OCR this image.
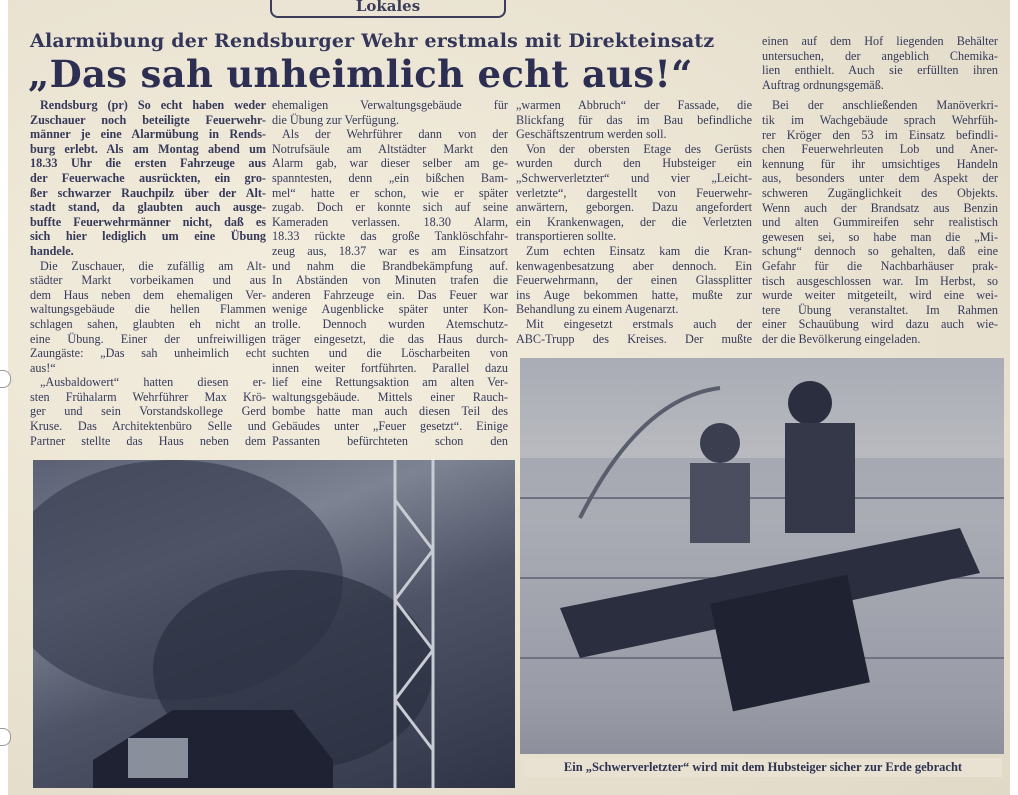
Lokales
Alarmübung der Rendsburger Wehr erstmals mit Direkteinsatz
„Das sah unheimlich echt aus!“
Rendsburg (pr) So echt haben weder
Zuschauer noch beteiligte Feuerwehr-
männer je eine Alarmübung in Rends-
burg erlebt. Als am Montag abend um
18.33 Uhr die ersten Fahrzeuge aus
der Feuerwache ausrückten, ein gro-
ßer schwarzer Rauchpilz über der Alt-
stadt stand, da glaubten auch ausge-
buffte Feuerwehrmänner nicht, daß es
sich hier lediglich um eine Übung
handele.
Die Zuschauer, die zufällig am Alt-
städter Markt vorbeikamen und aus
dem Haus neben dem ehemaligen Ver-
waltungsgebäude die hellen Flammen
schlagen sahen, glaubten eh nicht an
eine Übung. Einer der unfreiwilligen
Zaungäste: „Das sah unheimlich echt
aus!“
„Ausbaldowert“ hatten diesen er-
sten Frühalarm Wehrführer Max Krö-
ger und sein Vorstandskollege Gerd
Kruse. Das Architektenbüro Selle und
Partner stellte das Haus neben dem
ehemaligen Verwaltungsgebäude für
die Übung zur Verfügung.
Als der Wehrführer dann von der
Notrufsäule am Altstädter Markt den
Alarm gab, war dieser selber am ge-
spanntesten, denn „ein bißchen Bam-
mel“ hatte er schon, wie er später
zugab. Doch er konnte sich auf seine
Kameraden verlassen. 18.30 Alarm,
18.33 rückte das große Tanklöschfahr-
zeug aus, 18.37 war es am Einsatzort
und nahm die Brandbekämpfung auf.
In Abständen von Minuten trafen die
anderen Fahrzeuge ein. Das Feuer war
wenige Augenblicke später unter Kon-
trolle. Dennoch wurden Atemschutz-
träger eingesetzt, die das Haus durch-
suchten und die Löscharbeiten von
innen weiter fortführten. Parallel dazu
lief eine Rettungsaktion am alten Ver-
waltungsgebäude. Mittels einer Rauch-
bombe hatte man auch diesen Teil des
Gebäudes unter „Feuer gesetzt“. Einige
Passanten befürchteten schon den
„warmen Abbruch“ der Fassade, die
Blickfang für das im Bau befindliche
Geschäftszentrum werden soll.
Von der obersten Etage des Gerüsts
wurden durch den Hubsteiger ein
„Schwerverletzter“ und vier „Leicht-
verletzte“, dargestellt von Feuerwehr-
anwärtern, geborgen. Dazu angefordert
ein Krankenwagen, der die Verletzten
transportieren sollte.
Zum echten Einsatz kam die Kran-
kenwagenbesatzung aber dennoch. Ein
Feuerwehrmann, der einen Glassplitter
ins Auge bekommen hatte, mußte zur
Behandlung zu einem Augenarzt.
Mit eingesetzt erstmals auch der
ABC-Trupp des Kreises. Der mußte
einen auf dem Hof liegenden Behälter
untersuchen, der angeblich Chemika-
lien enthielt. Auch sie erfüllten ihren
Auftrag ordnungsgemäß.
Bei der anschließenden Manöverkri-
tik im Wachgebäude sprach Wehrfüh-
rer Kröger den 53 im Einsatz befindli-
chen Feuerwehrleuten Lob und Aner-
kennung für ihr umsichtiges Handeln
aus, besonders unter dem Aspekt der
schweren Zugänglichkeit des Objekts.
Wenn auch der Brandsatz aus Benzin
und alten Gummireifen sehr realistisch
gewesen sei, so habe man die „Mi-
schung“ dennoch so gehalten, daß eine
Gefahr für die Nachbarhäuser prak-
tisch ausgeschlossen war. Im Herbst, so
wurde weiter mitgeteilt, wird eine wei-
tere Übung veranstaltet. Im Rahmen
einer Schauübung wird dazu auch wie-
der die Bevölkerung eingeladen.
Ein „Schwerverletzter“ wird mit dem Hubsteiger sicher zur Erde gebracht
